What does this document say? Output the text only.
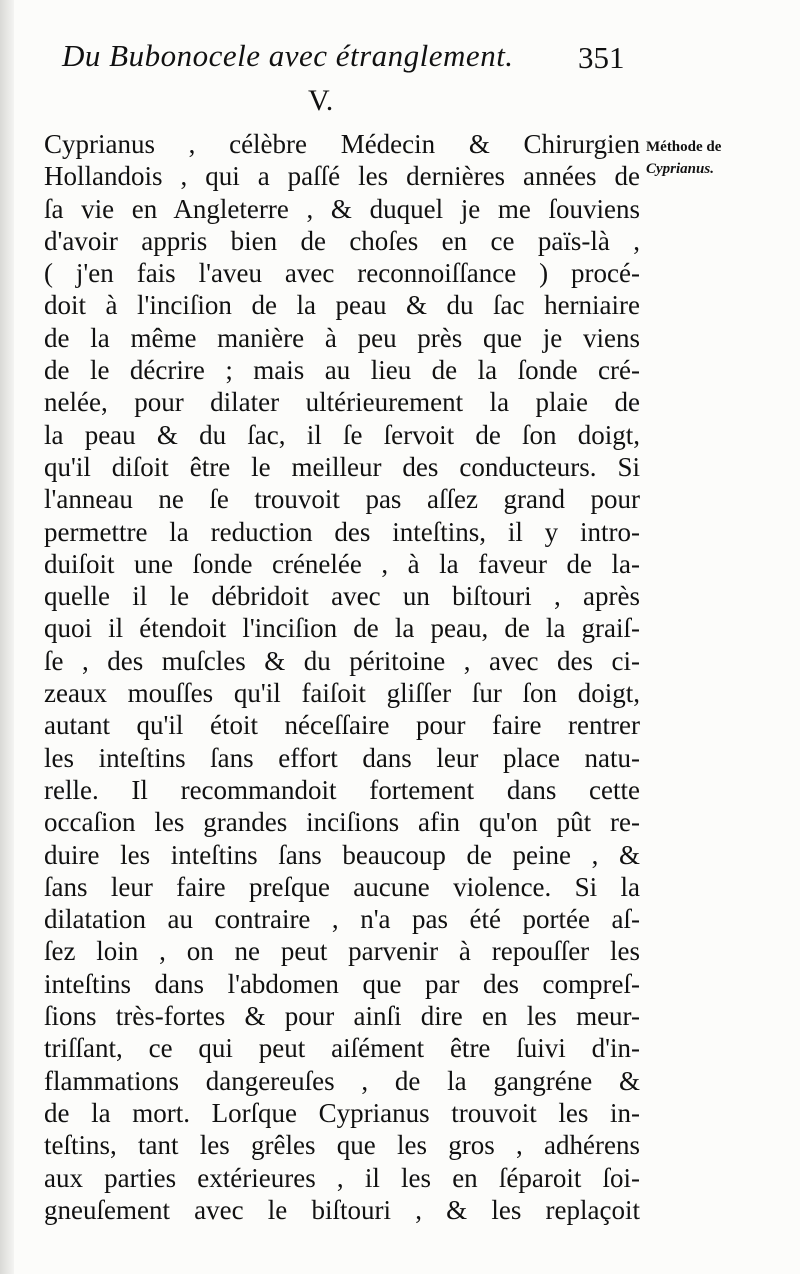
Du Bubonocele avec étranglement.	351
V.
Méthode de
Cyprianus.
Cyprianus , célèbre Médecin & Chirurgien
Hollandois , qui a paſſé les dernières années de
ſa vie en Angleterre , & duquel je me ſouviens
d'avoir appris bien de choſes en ce païs-là ,
( j'en fais l'aveu avec reconnoiſſance ) procé-
doit à l'inciſion de la peau & du ſac herniaire
de la même manière à peu près que je viens
de le décrire ; mais au lieu de la ſonde cré-
nelée, pour dilater ultérieurement la plaie de
la peau & du ſac, il ſe ſervoit de ſon doigt,
qu'il diſoit être le meilleur des conducteurs. Si
l'anneau ne ſe trouvoit pas aſſez grand pour
permettre la reduction des inteſtins, il y intro-
duiſoit une ſonde crénelée , à la faveur de la-
quelle il le débridoit avec un biſtouri , après
quoi il étendoit l'inciſion de la peau, de la graiſ-
ſe , des muſcles & du péritoine , avec des ci-
zeaux mouſſes qu'il faiſoit gliſſer ſur ſon doigt,
autant qu'il étoit néceſſaire pour faire rentrer
les inteſtins ſans effort dans leur place natu-
relle. Il recommandoit fortement dans cette
occaſion les grandes inciſions afin qu'on pût re-
duire les inteſtins ſans beaucoup de peine , &
ſans leur faire preſque aucune violence. Si la
dilatation au contraire , n'a pas été portée aſ-
ſez loin , on ne peut parvenir à repouſſer les
inteſtins dans l'abdomen que par des compreſ-
ſions très-fortes & pour ainſi dire en les meur-
triſſant, ce qui peut aiſément être ſuivi d'in-
flammations dangereuſes , de la gangréne &
de la mort. Lorſque Cyprianus trouvoit les in-
teſtins, tant les grêles que les gros , adhérens
aux parties extérieures , il les en ſéparoit ſoi-
gneuſement avec le biſtouri , & les replaçoit
